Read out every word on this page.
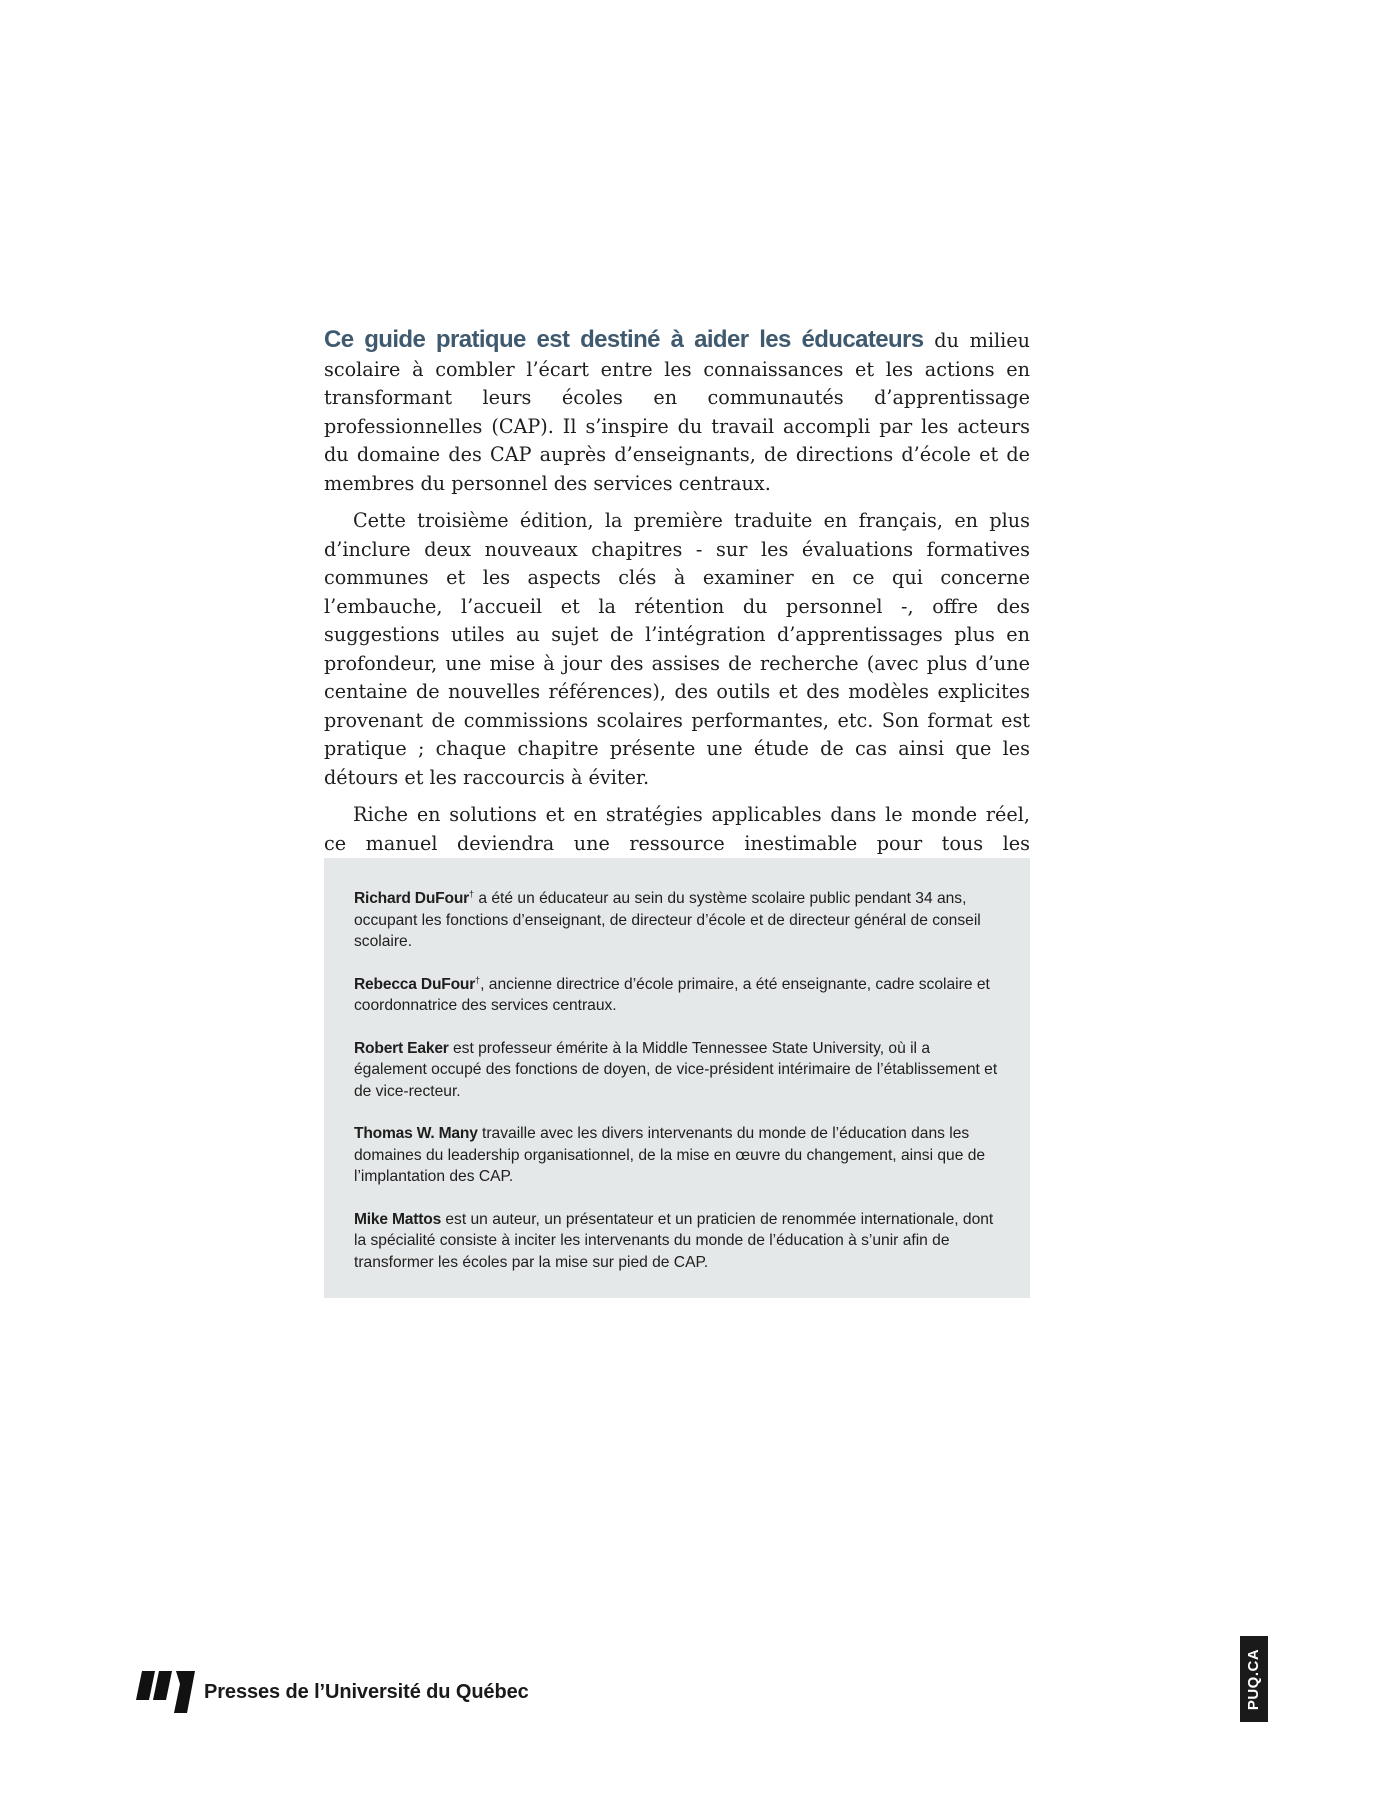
Ce guide pratique est destiné à aider les éducateurs du milieu scolaire à combler l’écart entre les connaissances et les actions en transformant leurs écoles en communautés d’apprentissage professionnelles (CAP). Il s’inspire du travail accompli par les acteurs du domaine des CAP auprès d’enseignants, de directions d’école et de membres du personnel des services centraux.

Cette troisième édition, la première traduite en français, en plus d’inclure deux nouveaux chapitres - sur les évaluations formatives communes et les aspects clés à examiner en ce qui concerne l’embauche, l’accueil et la rétention du personnel -, offre des suggestions utiles au sujet de l’intégration d’apprentissages plus en profondeur, une mise à jour des assises de recherche (avec plus d’une centaine de nouvelles références), des outils et des modèles explicites provenant de commissions scolaires performantes, etc. Son format est pratique ; chaque chapitre présente une étude de cas ainsi que les détours et les raccourcis à éviter.

Riche en solutions et en stratégies applicables dans le monde réel, ce manuel deviendra une ressource inestimable pour tous les

Richard DuFour† a été un éducateur au sein du système scolaire public pendant 34 ans, occupant les fonctions d’enseignant, de directeur d’école et de directeur général de conseil scolaire.

Rebecca DuFour†, ancienne directrice d’école primaire, a été enseignante, cadre scolaire et coordonnatrice des services centraux.

Robert Eaker est professeur émérite à la Middle Tennessee State University, où il a également occupé des fonctions de doyen, de vice-président intérimaire de l’établissement et de vice-recteur.

Thomas W. Many travaille avec les divers intervenants du monde de l’éducation dans les domaines du leadership organisationnel, de la mise en œuvre du changement, ainsi que de l’implantation des CAP.

Mike Mattos est un auteur, un présentateur et un praticien de renommée internationale, dont la spécialité consiste à inciter les intervenants du monde de l’éducation à s’unir afin de transformer les écoles par la mise sur pied de CAP.

Presses de l’Université du Québec	PUQ.CA
